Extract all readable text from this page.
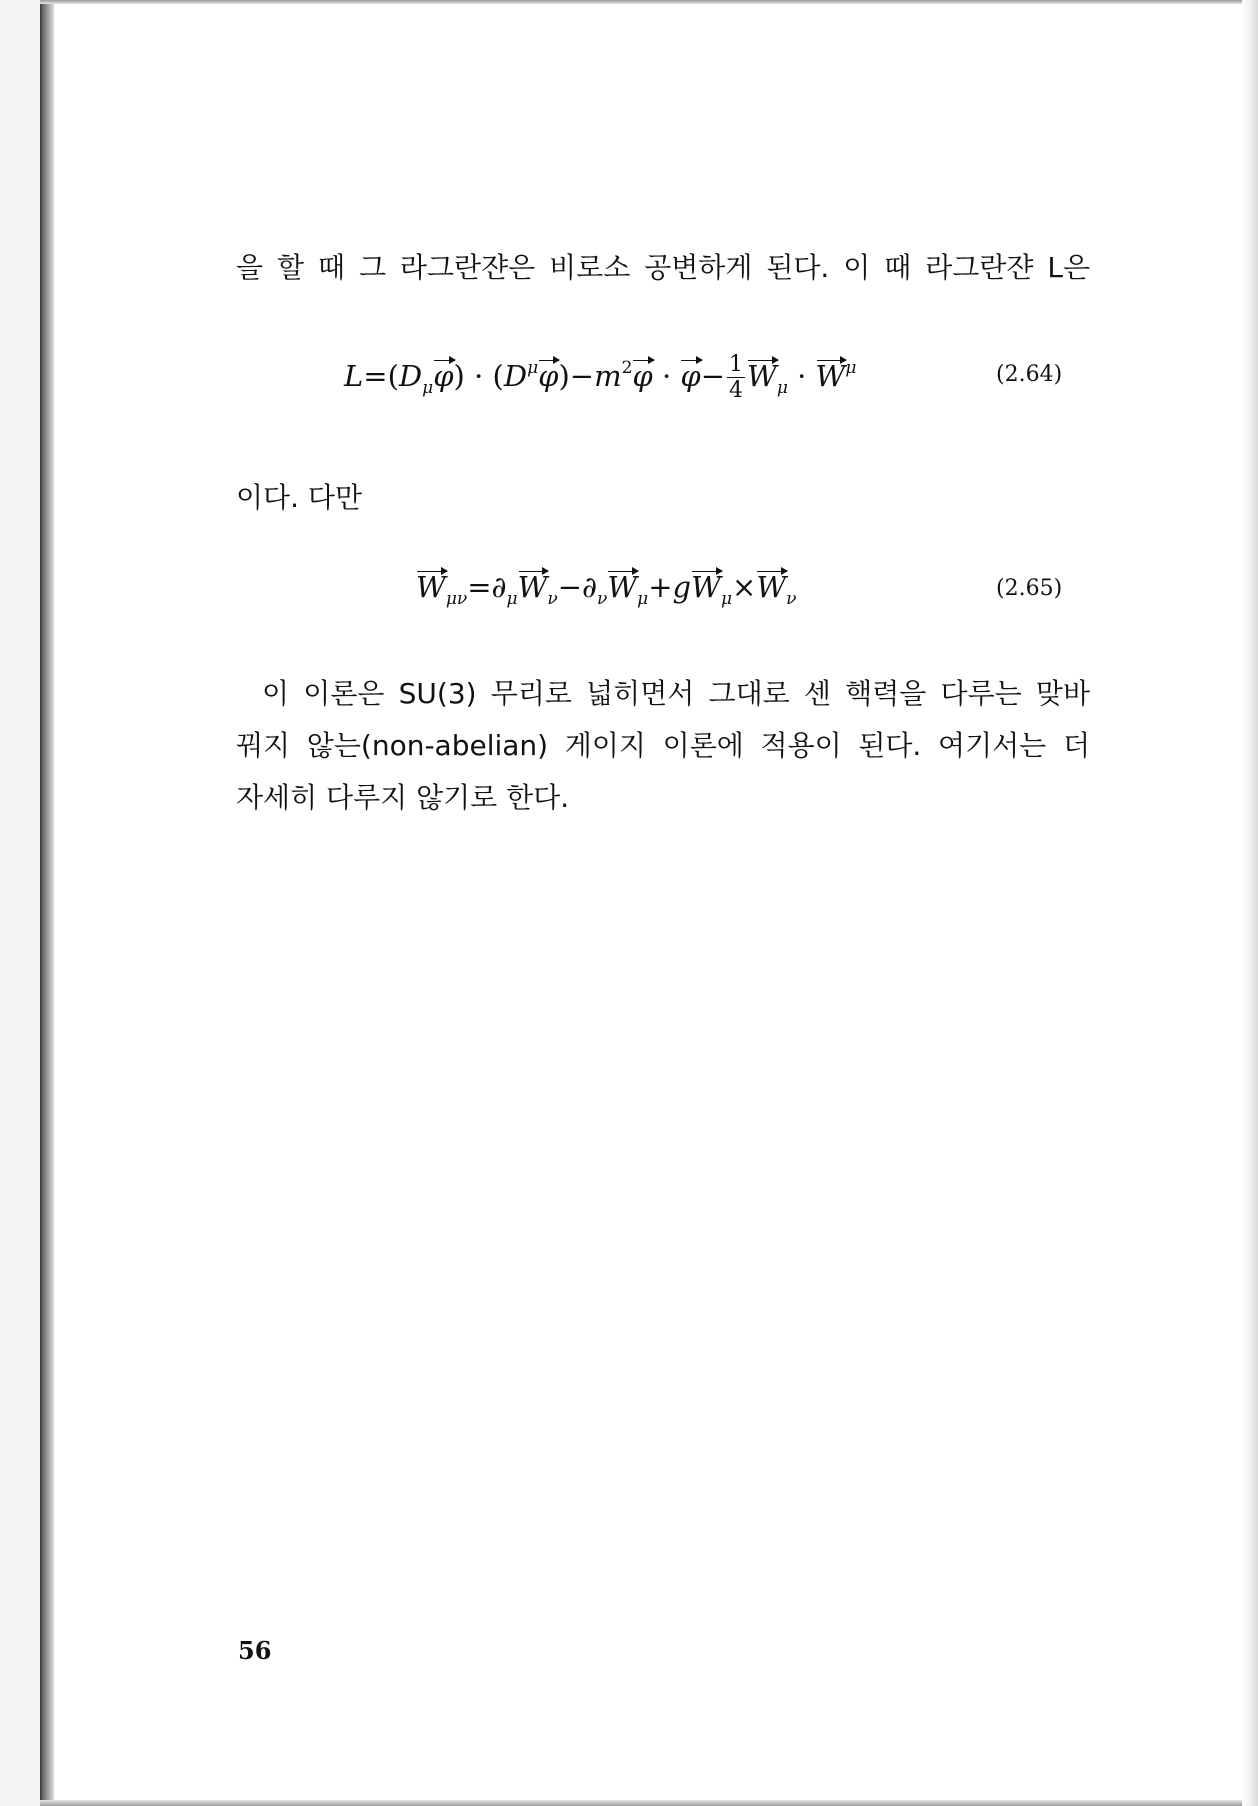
을 할 때 그 라그란쟌은 비로소 공변하게 된다. 이 때 라그란쟌 L은
$L=(D_\mu\varphi) \cdot (D^\mu\varphi)-m^2\varphi \cdot \varphi- \frac{1}{4} W_\mu \cdot W^\mu$	(2.64)
이다. 다만
$W_{\mu\nu}=\partial_\mu W_\nu-\partial_\nu W_\mu+gW_\mu\times W_\nu$	(2.65)
이 이론은 SU(3) 무리로 넓히면서 그대로 센 핵력을 다루는 맞바
꿔지 않는(non-abelian) 게이지 이론에 적용이 된다. 여기서는 더
자세히 다루지 않기로 한다.
56
